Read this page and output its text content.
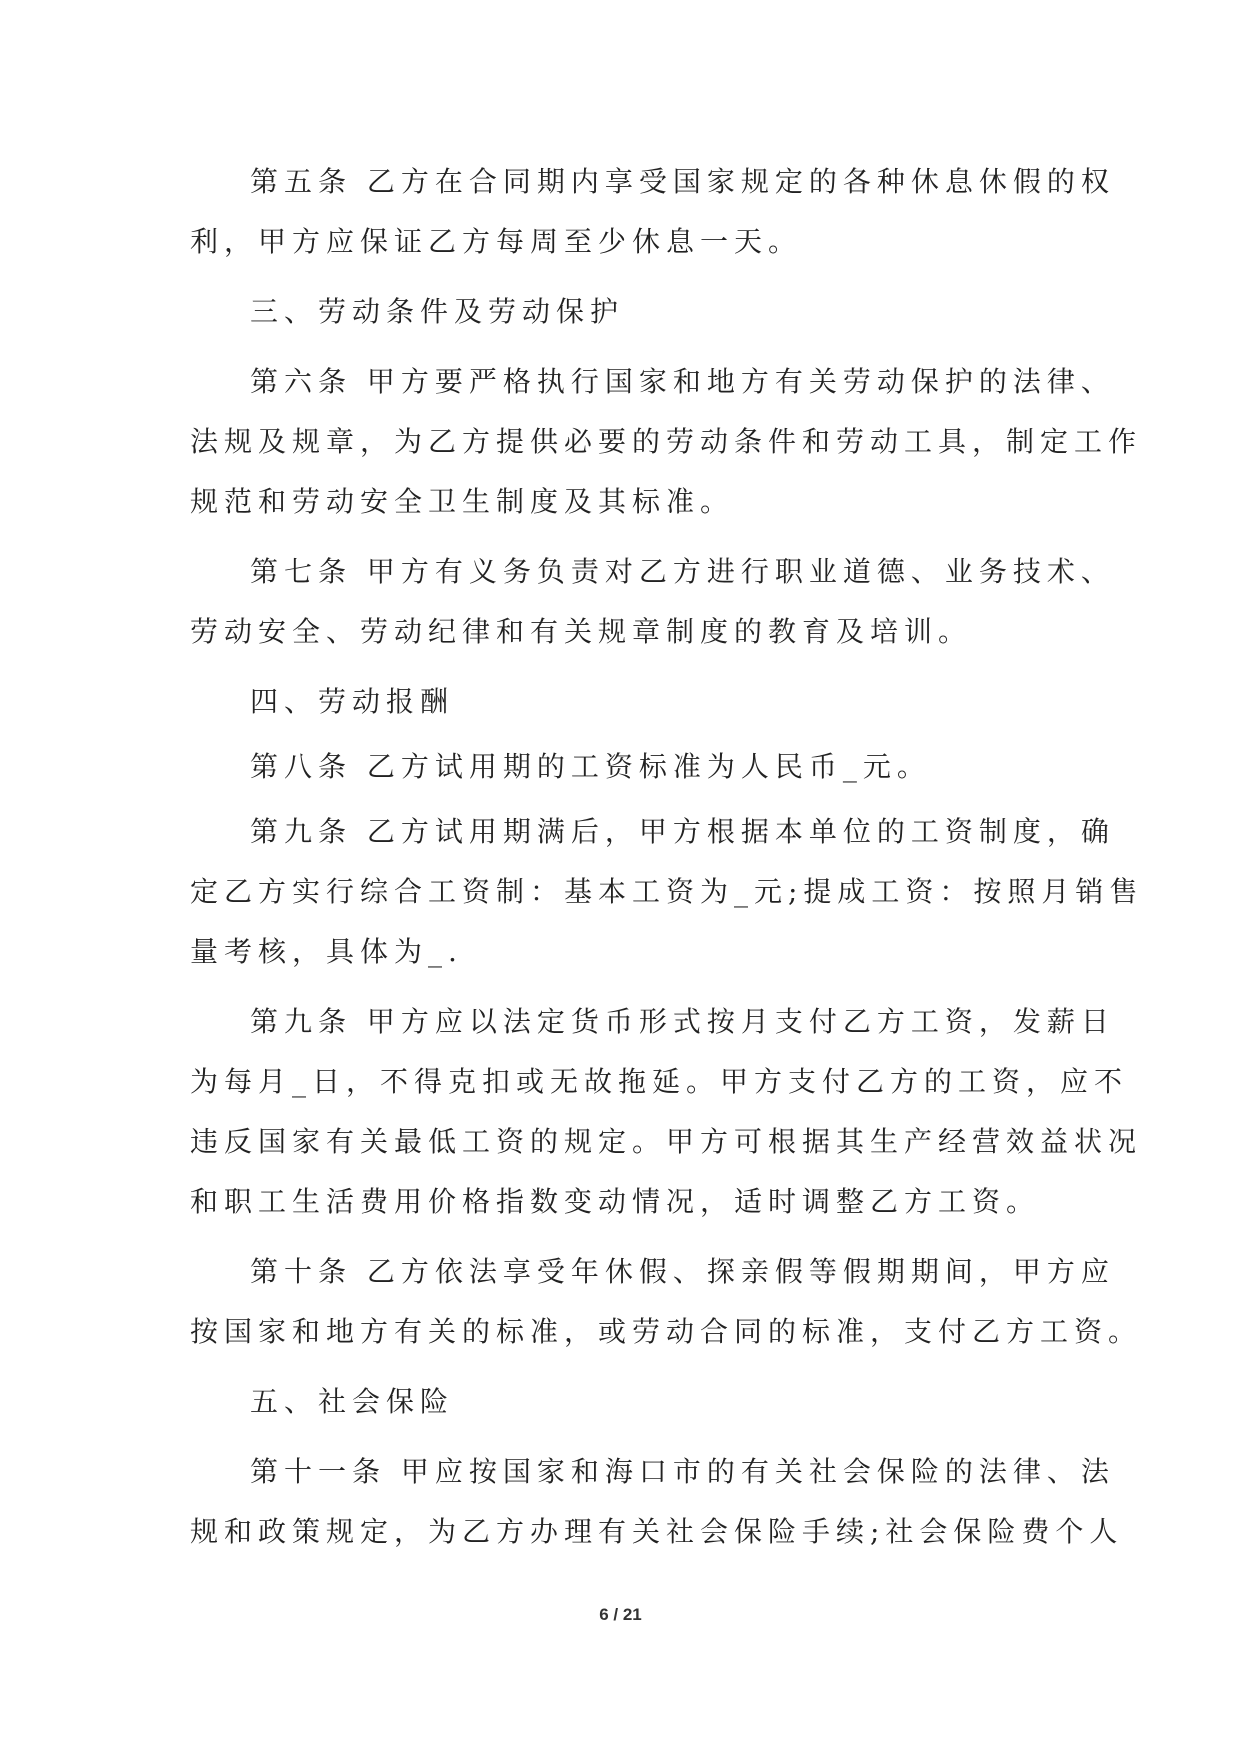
第五条 乙方在合同期内享受国家规定的各种休息休假的权
利，甲方应保证乙方每周至少休息一天。
三、劳动条件及劳动保护
第六条 甲方要严格执行国家和地方有关劳动保护的法律、
法规及规章，为乙方提供必要的劳动条件和劳动工具，制定工作
规范和劳动安全卫生制度及其标准。
第七条 甲方有义务负责对乙方进行职业道德、业务技术、
劳动安全、劳动纪律和有关规章制度的教育及培训。
四、劳动报酬
第八条 乙方试用期的工资标准为人民币_元。
第九条 乙方试用期满后，甲方根据本单位的工资制度，确
定乙方实行综合工资制：基本工资为_元;提成工资：按照月销售
量考核，具体为_.
第九条 甲方应以法定货币形式按月支付乙方工资，发薪日
为每月_日，不得克扣或无故拖延。甲方支付乙方的工资，应不
违反国家有关最低工资的规定。甲方可根据其生产经营效益状况
和职工生活费用价格指数变动情况，适时调整乙方工资。
第十条 乙方依法享受年休假、探亲假等假期期间，甲方应
按国家和地方有关的标准，或劳动合同的标准，支付乙方工资。
五、社会保险
第十一条 甲应按国家和海口市的有关社会保险的法律、法
规和政策规定，为乙方办理有关社会保险手续;社会保险费个人
6 / 21
